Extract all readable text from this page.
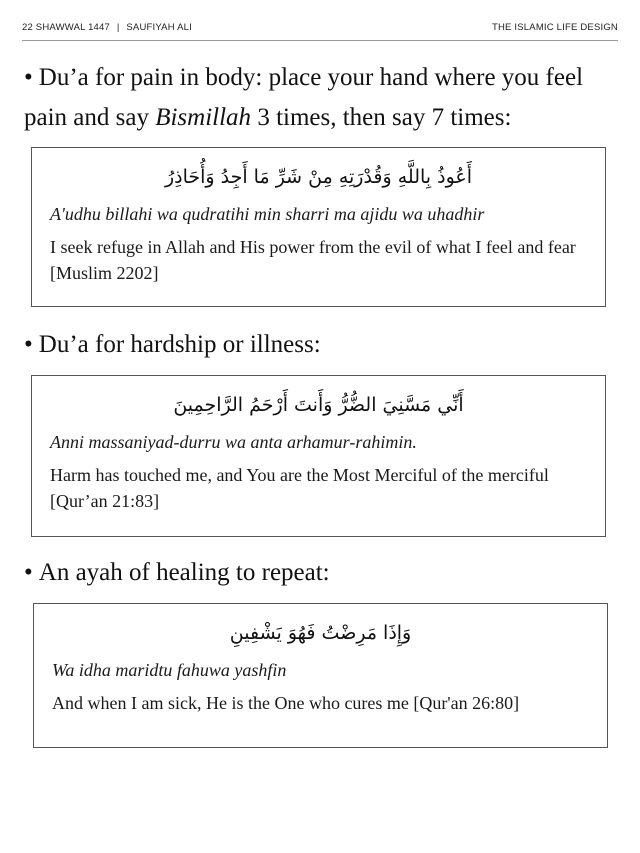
22 SHAWWAL 1447 | SAUFIYAH ALI	THE ISLAMIC LIFE DESIGN
• Du’a for pain in body: place your hand where you feel pain and say Bismillah 3 times, then say 7 times:
أَعُوذُ بِاللَّهِ وَقُدْرَتِهِ مِنْ شَرِّ مَا أَجِدُ وَأُحَاذِرُ
A'udhu billahi wa qudratihi min sharri ma ajidu wa uhadhir
I seek refuge in Allah and His power from the evil of what I feel and fear [Muslim 2202]
• Du’a for hardship or illness:
أَنِّي مَسَّنِيَ الضُّرُّ وَأَنتَ أَرْحَمُ الرَّاحِمِينَ
Anni massaniyad-durru wa anta arhamur-rahimin.
Harm has touched me, and You are the Most Merciful of the merciful [Qur’an 21:83]
• An ayah of healing to repeat:
وَإِذَا مَرِضْتُ فَهُوَ يَشْفِينِ
Wa idha maridtu fahuwa yashfin
And when I am sick, He is the One who cures me [Qur'an 26:80]
